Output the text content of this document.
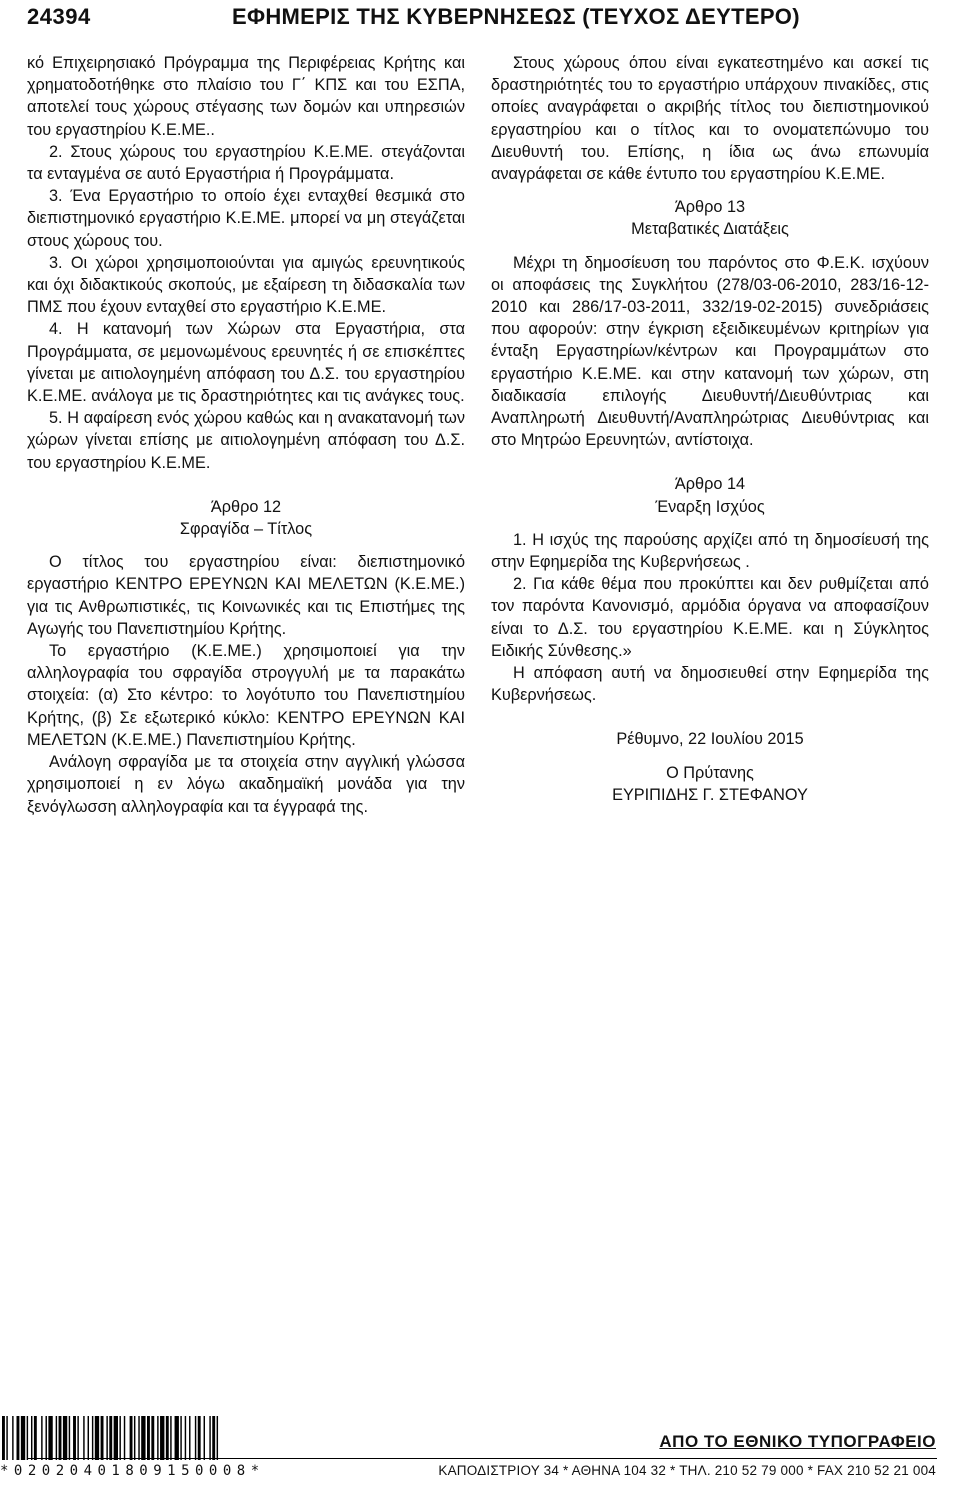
24394	ΕΦΗΜΕΡΙΣ ΤΗΣ ΚΥΒΕΡΝΗΣΕΩΣ (ΤΕΥΧΟΣ ΔΕΥΤΕΡΟ)

κό Επιχειρησιακό Πρόγραμμα της Περιφέρειας Κρήτης και χρηματοδοτήθηκε στο πλαίσιο του Γ΄ ΚΠΣ και του ΕΣΠΑ, αποτελεί τους χώρους στέγασης των δομών και υπηρεσιών του εργαστηρίου Κ.Ε.ΜΕ..

2. Στους χώρους του εργαστηρίου Κ.Ε.ΜΕ. στεγάζονται τα ενταγμένα σε αυτό Εργαστήρια ή Προγράμματα.

3. Ένα Εργαστήριο το οποίο έχει ενταχθεί θεσμικά στο διεπιστημονικό εργαστήριο Κ.Ε.ΜΕ. μπορεί να μη στεγάζεται στους χώρους του.

3. Οι χώροι χρησιμοποιούνται για αμιγώς ερευνητικούς και όχι διδακτικούς σκοπούς, με εξαίρεση τη διδασκαλία των ΠΜΣ που έχουν ενταχθεί στο εργαστήριο Κ.Ε.ΜΕ.

4. Η κατανομή των Χώρων στα Εργαστήρια, στα Προγράμματα, σε μεμονωμένους ερευνητές ή σε επισκέπτες γίνεται με αιτιολογημένη απόφαση του Δ.Σ. του εργαστηρίου Κ.Ε.ΜΕ. ανάλογα με τις δραστηριότητες και τις ανάγκες τους.

5. Η αφαίρεση ενός χώρου καθώς και η ανακατανομή των χώρων γίνεται επίσης με αιτιολογημένη απόφαση του Δ.Σ. του εργαστηρίου Κ.Ε.ΜΕ.

Άρθρο 12

Σφραγίδα – Τίτλος

Ο τίτλος του εργαστηρίου είναι: διεπιστημονικό εργαστήριο ΚΕΝΤΡΟ ΕΡΕΥΝΩΝ ΚΑΙ ΜΕΛΕΤΩΝ (Κ.Ε.ΜΕ.) για τις Ανθρωπιστικές, τις Κοινωνικές και τις Επιστήμες της Αγωγής του Πανεπιστημίου Κρήτης.

Το εργαστήριο (Κ.Ε.ΜΕ.) χρησιμοποιεί για την αλληλογραφία του σφραγίδα στρογγυλή με τα παρακάτω στοιχεία: (α) Στο κέντρο: το λογότυπο του Πανεπιστημίου Κρήτης, (β) Σε εξωτερικό κύκλο: ΚΕΝΤΡΟ ΕΡΕΥΝΩΝ ΚΑΙ ΜΕΛΕΤΩΝ (Κ.Ε.ΜΕ.) Πανεπιστημίου Κρήτης.

Ανάλογη σφραγίδα με τα στοιχεία στην αγγλική γλώσσα χρησιμοποιεί η εν λόγω ακαδημαϊκή μονάδα για την ξενόγλωσση αλληλογραφία και τα έγγραφά της.

Στους χώρους όπου είναι εγκατεστημένο και ασκεί τις δραστηριότητές του το εργαστήριο υπάρχουν πινακίδες, στις οποίες αναγράφεται ο ακριβής τίτλος του διεπιστημονικού εργαστηρίου και ο τίτλος και το ονοματεπώνυμο του Διευθυντή του. Επίσης, η ίδια ως άνω επωνυμία αναγράφεται σε κάθε έντυπο του εργαστηρίου Κ.Ε.ΜΕ.

Άρθρο 13

Μεταβατικές Διατάξεις

Μέχρι τη δημοσίευση του παρόντος στο Φ.Ε.Κ. ισχύουν οι αποφάσεις της Συγκλήτου (278/03-06-2010, 283/16-12-2010 και 286/17-03-2011, 332/19-02-2015) συνεδριάσεις που αφορούν: στην έγκριση εξειδικευμένων κριτηρίων για ένταξη Εργαστηρίων/κέντρων και Προγραμμάτων στο εργαστήριο Κ.Ε.ΜΕ. και στην κατανομή των χώρων, στη διαδικασία επιλογής Διευθυντή/Διευθύντριας και Αναπληρωτή Διευθυντή/Αναπληρώτριας Διευθύντριας και στο Μητρώο Ερευνητών, αντίστοιχα.

Άρθρο 14

Έναρξη Ισχύος

1. Η ισχύς της παρούσης αρχίζει από τη δημοσίευσή της στην Εφημερίδα της Κυβερνήσεως .

2. Για κάθε θέμα που προκύπτει και δεν ρυθμίζεται από τον παρόντα Κανονισμό, αρμόδια όργανα να αποφασίζουν είναι το Δ.Σ. του εργαστηρίου Κ.Ε.ΜΕ. και η Σύγκλητος Ειδικής Σύνθεσης.»

Η απόφαση αυτή να δημοσιευθεί στην Εφημερίδα της Κυβερνήσεως.

Ρέθυμνο, 22 Ιουλίου 2015

Ο Πρύτανης

ΕΥΡΙΠΙΔΗΣ Γ. ΣΤΕΦΑΝΟΥ

*02020401809150008*
ΑΠΟ ΤΟ ΕΘΝΙΚΟ ΤΥΠΟΓΡΑΦΕΙΟ
ΚΑΠΟΔΙΣΤΡΙΟΥ 34 * ΑΘΗΝΑ 104 32 * ΤΗΛ. 210 52 79 000 * FAX 210 52 21 004
